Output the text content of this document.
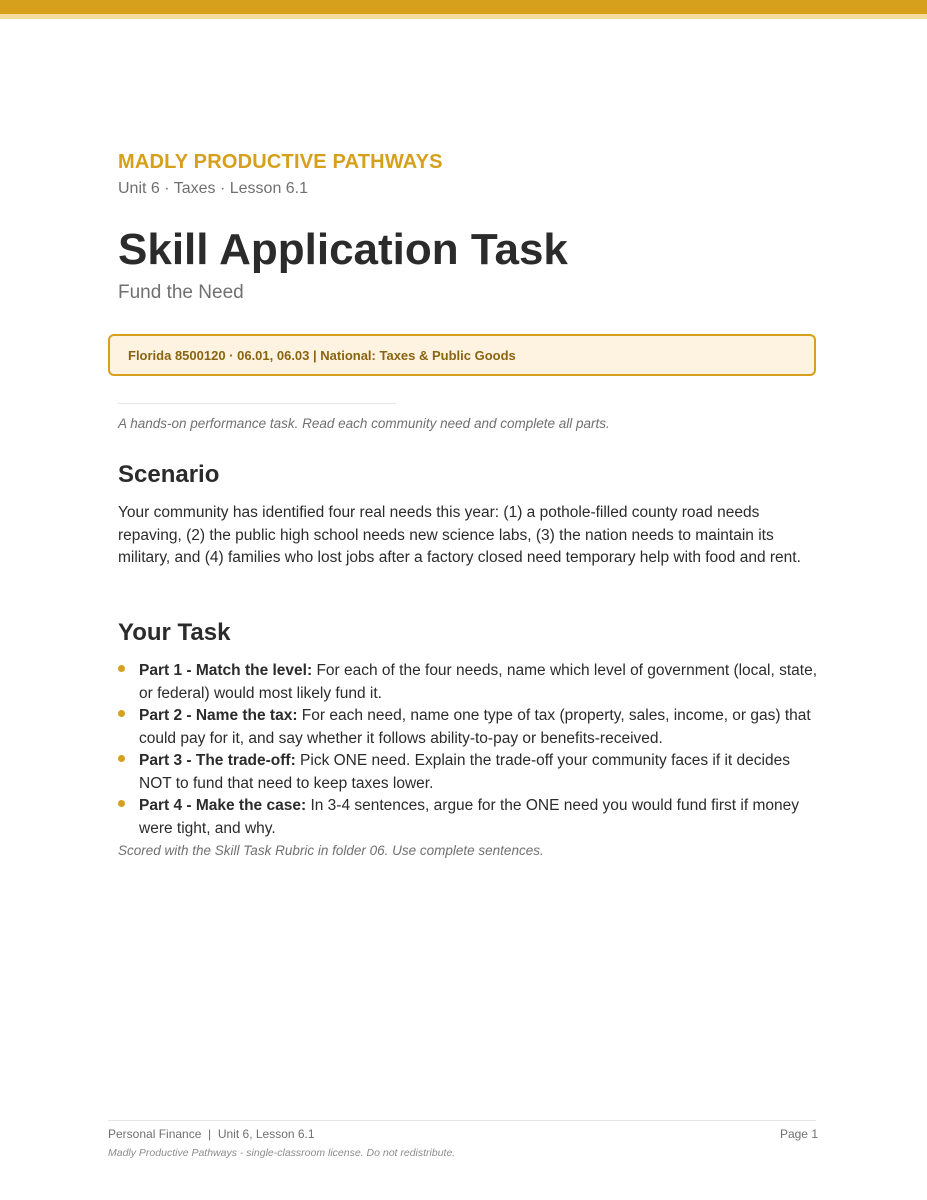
MADLY PRODUCTIVE PATHWAYS
Unit 6 · Taxes · Lesson 6.1
Skill Application Task
Fund the Need
Florida 8500120 · 06.01, 06.03 | National: Taxes & Public Goods
A hands-on performance task. Read each community need and complete all parts.
Scenario
Your community has identified four real needs this year: (1) a pothole-filled county road needs repaving, (2) the public high school needs new science labs, (3) the nation needs to maintain its military, and (4) families who lost jobs after a factory closed need temporary help with food and rent.
Your Task
Part 1 - Match the level: For each of the four needs, name which level of government (local, state, or federal) would most likely fund it.
Part 2 - Name the tax: For each need, name one type of tax (property, sales, income, or gas) that could pay for it, and say whether it follows ability-to-pay or benefits-received.
Part 3 - The trade-off: Pick ONE need. Explain the trade-off your community faces if it decides NOT to fund that need to keep taxes lower.
Part 4 - Make the case: In 3-4 sentences, argue for the ONE need you would fund first if money were tight, and why.
Scored with the Skill Task Rubric in folder 06. Use complete sentences.
Personal Finance  |  Unit 6, Lesson 6.1	Page 1
Madly Productive Pathways - single-classroom license. Do not redistribute.
